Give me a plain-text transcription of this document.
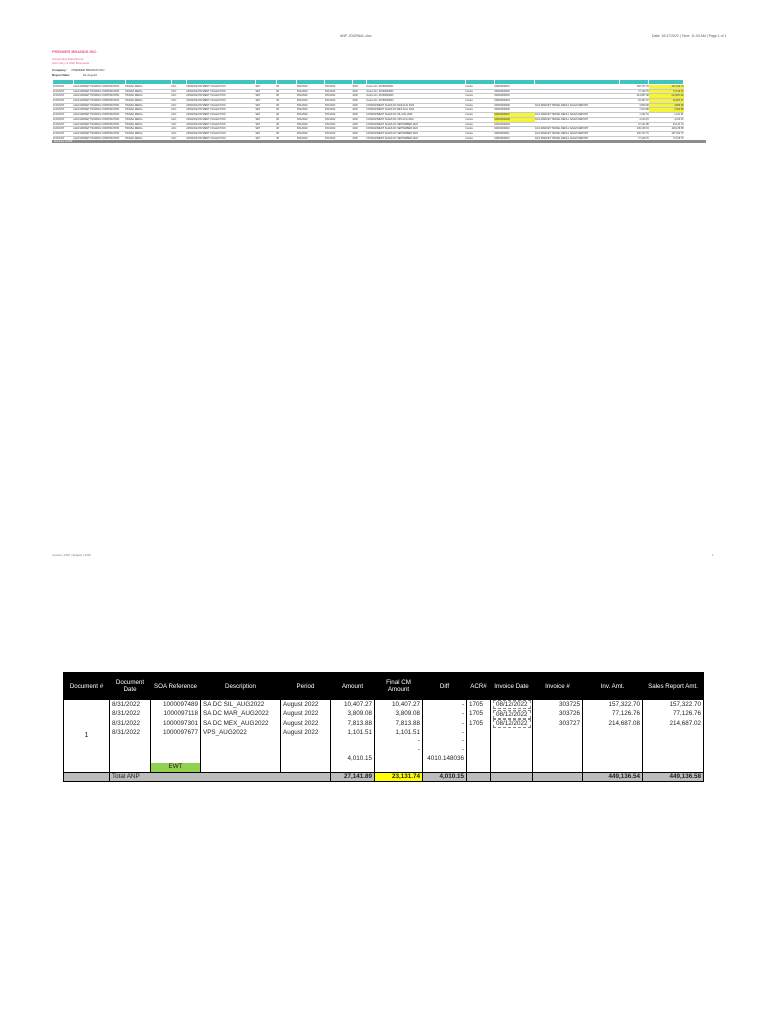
ANP JOURNAL.xlsx	Date: 10/17/2022 | Time: 11:03 AM | Page 1 of 1
PREMIER BRANDS INC.
Accounting Department
Summary of ANP Reversals
Company: PREMIER BRANDS INC.
Report Date:	31-Aug-22

ACCOUNT	ALFA MARKET TRADING CORPORATION	TRAVEL REFILL	ACC	ADVANCE PAYMENT COLLECTION	SET	08	8/31/2022	8/31/2022	1000	Invoice No. INV#0000001	Invoice	SI0004000001		152,727.70	157,322.70
ACCOUNT	ALFA MARKET TRADING CORPORATION	TRAVEL REFILL	ACC	ADVANCE PAYMENT COLLECTION	SET	08	8/31/2022	8/31/2022	1000	Invoice No. INV#0000002	Invoice	SI0004000002		77,126.76	77,126.76
ACCOUNT	ALFA MARKET TRADING CORPORATION	TRAVEL REFILL	ACC	ADVANCE PAYMENT COLLECTION	SET	08	8/31/2022	8/31/2022	1000	Invoice No. INV#0000003	Invoice	SI0004000003		214,687.08	214,687.02
ACCOUNT	ALFA MARKET TRADING CORPORATION	TRAVEL REFILL	ACC	ADVANCE PAYMENT COLLECTION	SET	08	8/31/2022	8/31/2022	1000	Invoice No. INV#0000004	Invoice	SI0004000004		10,407.27	10,407.27
ACCOUNT	ALFA MARKET TRADING CORPORATION	TRAVEL REFILL	ACC	ADVANCE PAYMENT COLLECTION	SET	08	8/31/2022	8/31/2022	1000	CONSIGNMENT SALES DC MAR AUG 2022	Invoice	SI0004000005	ALFA MARKET TRAVEL REFILL SALES REPORT	3,809.08	3,809.08
ACCOUNT	ALFA MARKET TRADING CORPORATION	TRAVEL REFILL	ACC	ADVANCE PAYMENT COLLECTION	SET	08	8/31/2022	8/31/2022	1000	CONSIGNMENT SALES DC MEX AUG 2022	Invoice	SI0004000006		7,813.88	7,813.88
ACCOUNT	ALFA MARKET TRADING CORPORATION	TRAVEL REFILL	ACC	ADVANCE PAYMENT COLLECTION	SET	08	8/31/2022	8/31/2022	1000	CONSIGNMENT SALES DC SIL AUG 2022	Invoice	SI0004000007	ALFA MARKET TRAVEL REFILL SALES REPORT	1,101.51	1,101.51
ACCOUNT	ALFA MARKET TRADING CORPORATION	TRAVEL REFILL	ACC	ADVANCE PAYMENT COLLECTION	SET	08	8/31/2022	8/31/2022	1000	CONSIGNMENT SALES DC VPS AUG 2022	Invoice	SI0004000008	ALFA MARKET TRAVEL REFILL SALES REPORT	4,010.15	4,010.15
ACCOUNT	ALFA MARKET TRADING CORPORATION	TRAVEL REFILL	ACC	ADVANCE PAYMENT COLLECTION	SET	08	8/31/2022	8/31/2022	1000	CONSIGNMENT SALES DC SEPTEMBER 2022	Invoice	SI0004000009		27,141.89	23,131.74
ACCOUNT	ALFA MARKET TRADING CORPORATION	TRAVEL REFILL	ACC	ADVANCE PAYMENT COLLECTION	SET	08	8/31/2022	8/31/2022	1000	CONSIGNMENT SALES DC SEPTEMBER 2022	Invoice	SI0004000010	ALFA MARKET TRAVEL REFILL SALES REPORT	449,136.54	449,136.58
ACCOUNT	ALFA MARKET TRADING CORPORATION	TRAVEL REFILL	ACC	ADVANCE PAYMENT COLLECTION	SET	08	8/31/2022	8/31/2022	1000	CONSIGNMENT SALES DC SEPTEMBER 2022	Invoice	SI0004000011	ALFA MARKET TRAVEL REFILL SALES REPORT	152,727.70	157,322.70
ACCOUNT	ALFA MARKET TRADING CORPORATION	TRAVEL REFILL	ACC	ADVANCE PAYMENT COLLECTION	SET	08	8/31/2022	8/31/2022	1000	CONSIGNMENT SALES DC SEPTEMBER 2022	Invoice	SI0004000012	ALFA MARKET TRAVEL REFILL SALES REPORT	77,126.76	77,126.76
Summary of ANP
Invoice | ANP | Subject | ANP	1
Document #	Document Date	SOA Reference	Description	Period	Amount	Final CM Amount	Diff	ACR#	Invoice Date	Invoice #	Inv. Amt.	Sales Report Amt.
1	8/31/2022	1000097489	SA DC SIL_AUG2022	August 2022	10,407.27	10,407.27	-	1705	08/12/2022	303725	157,322.70	157,322.70
	8/31/2022	1000097118	SA DC MAR_AUG2022	August 2022	3,809.08	3,809.08	-	1705	08/12/2022	303726	77,126.76	77,126.76
	8/31/2022	1000097301	SA DC MEX_AUG2022	August 2022	7,813.88	7,813.88	-	1705	08/12/2022	303727	214,687.08	214,687.02
	8/31/2022	1000097677	VPS_AUG2022	August 2022	1,101.51	1,101.51	-					
						-	-					
						-	-					
					4,010.15		4010.148036					
		EWT										
	Total ANP				27,141.89	23,131.74	4,010.15				449,136.54	449,136.58
